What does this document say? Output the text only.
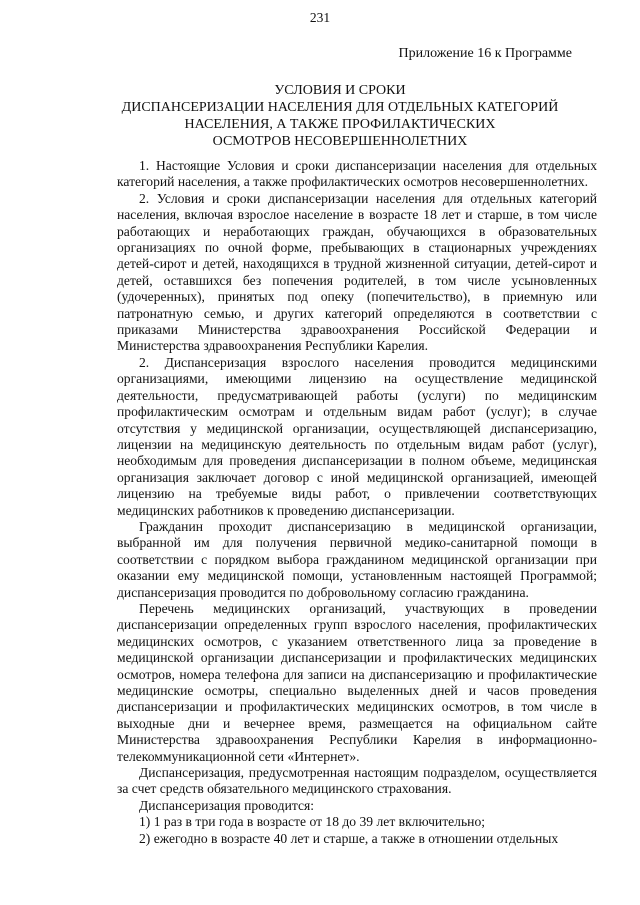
231
Приложение 16 к Программе
УСЛОВИЯ И СРОКИ
ДИСПАНСЕРИЗАЦИИ НАСЕЛЕНИЯ ДЛЯ ОТДЕЛЬНЫХ КАТЕГОРИЙ
НАСЕЛЕНИЯ, А ТАКЖЕ ПРОФИЛАКТИЧЕСКИХ
ОСМОТРОВ НЕСОВЕРШЕННОЛЕТНИХ

1. Настоящие Условия и сроки диспансеризации населения для отдельных категорий населения, а также профилактических осмотров несовершеннолетних.

2. Условия и сроки диспансеризации населения для отдельных категорий населения, включая взрослое население в возрасте 18 лет и старше, в том числе работающих и неработающих граждан, обучающихся в образовательных организациях по очной форме, пребывающих в стационарных учреждениях детей-сирот и детей, находящихся в трудной жизненной ситуации, детей-сирот и детей, оставшихся без попечения родителей, в том числе усыновленных (удочеренных), принятых под опеку (попечительство), в приемную или патронатную семью, и других категорий определяются в соответствии с приказами Министерства здравоохранения Российской Федерации и Министерства здравоохранения Республики Карелия.

2. Диспансеризация взрослого населения проводится медицинскими организациями, имеющими лицензию на осуществление медицинской деятельности, предусматривающей работы (услуги) по медицинским профилактическим осмотрам и отдельным видам работ (услуг); в случае отсутствия у медицинской организации, осуществляющей диспансеризацию, лицензии на медицинскую деятельность по отдельным видам работ (услуг), необходимым для проведения диспансеризации в полном объеме, медицинская организация заключает договор с иной медицинской организацией, имеющей лицензию на требуемые виды работ, о привлечении соответствующих медицинских работников к проведению диспансеризации.

Гражданин проходит диспансеризацию в медицинской организации, выбранной им для получения первичной медико-санитарной помощи в соответствии с порядком выбора гражданином медицинской организации при оказании ему медицинской помощи, установленным настоящей Программой; диспансеризация проводится по добровольному согласию гражданина.

Перечень медицинских организаций, участвующих в проведении диспансеризации определенных групп взрослого населения, профилактических медицинских осмотров, с указанием ответственного лица за проведение в медицинской организации диспансеризации и профилактических медицинских осмотров, номера телефона для записи на диспансеризацию и профилактические медицинские осмотры, специально выделенных дней и часов проведения диспансеризации и профилактических медицинских осмотров, в том числе в выходные дни и вечернее время, размещается на официальном сайте Министерства здравоохранения Республики Карелия в информационно-телекоммуникационной сети «Интернет».

Диспансеризация, предусмотренная настоящим подразделом, осуществляется за счет средств обязательного медицинского страхования.

Диспансеризация проводится:

1) 1 раз в три года в возрасте от 18 до 39 лет включительно;

2) ежегодно в возрасте 40 лет и старше, а также в отношении отдельных
